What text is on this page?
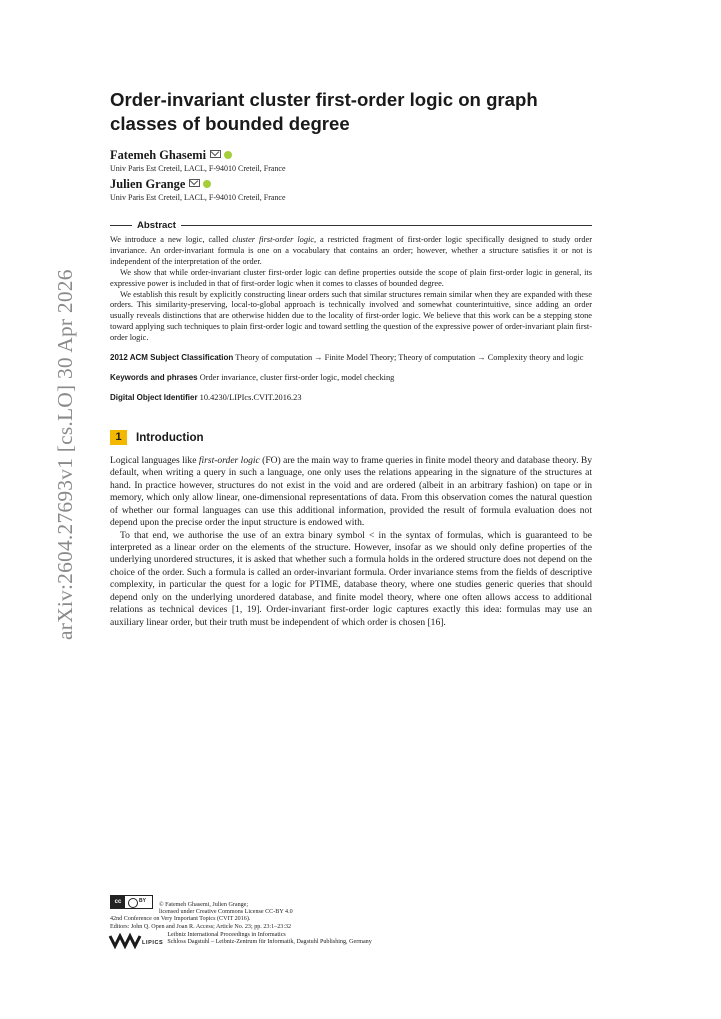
arXiv:2604.27693v1 [cs.LO] 30 Apr 2026
Order-invariant cluster first-order logic on graph classes of bounded degree
Fatemeh Ghasemi
Univ Paris Est Creteil, LACL, F-94010 Creteil, France
Julien Grange
Univ Paris Est Creteil, LACL, F-94010 Creteil, France
Abstract

We introduce a new logic, called cluster first-order logic, a restricted fragment of first-order logic specifically designed to study order invariance. An order-invariant formula is one on a vocabulary that contains an order; however, whether a structure satisfies it or not is independent of the interpretation of the order.

We show that while order-invariant cluster first-order logic can define properties outside the scope of plain first-order logic in general, its expressive power is included in that of first-order logic when it comes to classes of bounded degree.

We establish this result by explicitly constructing linear orders such that similar structures remain similar when they are expanded with these orders. This similarity-preserving, local-to-global approach is technically involved and somewhat counterintuitive, since adding an order usually reveals distinctions that are otherwise hidden due to the locality of first-order logic. We believe that this work can be a stepping stone toward applying such techniques to plain first-order logic and toward settling the question of the expressive power of order-invariant plain first-order logic.

2012 ACM Subject Classification Theory of computation → Finite Model Theory; Theory of computation → Complexity theory and logic
Keywords and phrases Order invariance, cluster first-order logic, model checking
Digital Object Identifier 10.4230/LIPIcs.CVIT.2016.23
1	Introduction

Logical languages like first-order logic (FO) are the main way to frame queries in finite model theory and database theory. By default, when writing a query in such a language, one only uses the relations appearing in the signature of the structures at hand. In practice however, structures do not exist in the void and are ordered (albeit in an arbitrary fashion) on tape or in memory, which only allow linear, one-dimensional representations of data. From this observation comes the natural question of whether our formal languages can use this additional information, provided the result of formula evaluation does not depend upon the precise order the input structure is endowed with.

To that end, we authorise the use of an extra binary symbol < in the syntax of formulas, which is guaranteed to be interpreted as a linear order on the elements of the structure. However, insofar as we should only define properties of the underlying unordered structures, it is asked that whether such a formula holds in the ordered structure does not depend on the choice of the order. Such a formula is called an order-invariant formula. Order invariance stems from the fields of descriptive complexity, in particular the quest for a logic for PTIME, database theory, where one studies generic queries that should depend only on the underlying unordered database, and finite model theory, where one often allows access to additional relations as technical devices [1, 19]. Order-invariant first-order logic captures exactly this idea: formulas may use an auxiliary linear order, but their truth must be independent of which order is chosen [16].

cc	BY
© Fatemeh Ghasemi, Julien Grange;
licensed under Creative Commons License CC-BY 4.0
42nd Conference on Very Important Topics (CVIT 2016).
Editors: John Q. Open and Joan R. Access; Article No. 23; pp. 23:1–23:32
LIPICS
Leibniz International Proceedings in Informatics
Schloss Dagstuhl – Leibniz-Zentrum für Informatik, Dagstuhl Publishing, Germany
